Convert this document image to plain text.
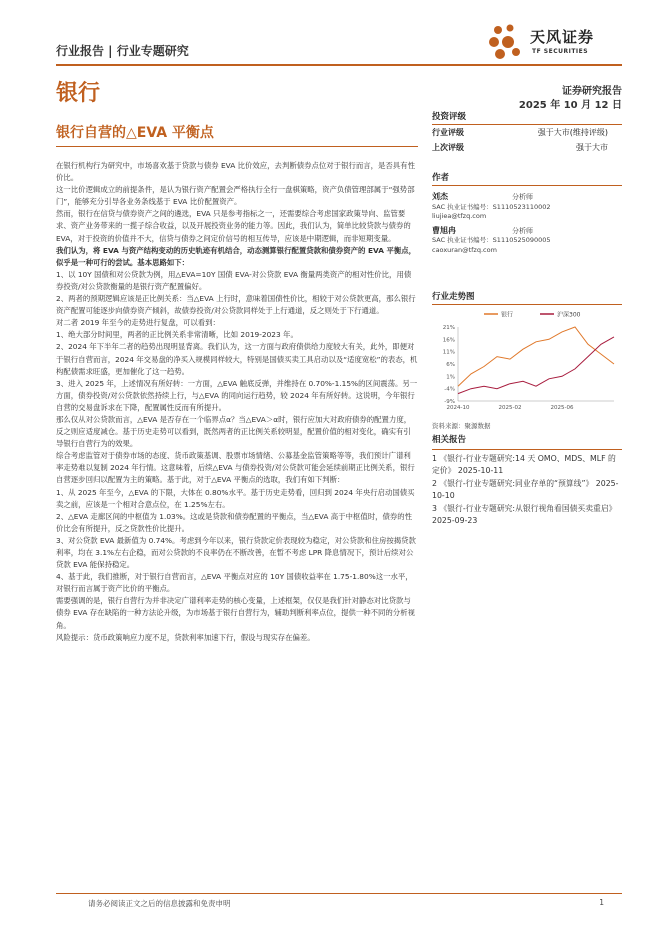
行业报告 | 行业专题研究
天风证券
TF SECURITIES
银行	证券研究报告
2025 年 10 月 12 日
银行自营的△EVA 平衡点

在银行机构行为研究中，市场喜欢基于贷款与债券 EVA 比价效应，去判断债券点位对于银行而言，是否具有性价比。

这一比价逻辑成立的前提条件，是认为银行资产配置会严格执行全行一盘棋策略，资产负债管理部属于“强势部门”，能够充分引导各业务条线基于 EVA 比价配置资产。

然而，银行在信贷与债券资产之间的遴选，EVA 只是参考指标之一，还需要综合考虑国家政策导向、监管要求、资产业务带来的一揽子综合收益，以及开展投资业务的能力等。因此，我们认为，简单比较贷款与债券的 EVA，对于投资的价值并不大，信贷与债券之间定价信号的相互传导，应该是中期逻辑，而非短期变量。

我们认为，将 EVA 与资产结构变动的历史轨迹有机结合，动态测算银行配置贷款和债券资产的 EVA 平衡点，似乎是一种可行的尝试。基本思路如下：

1、以 10Y 国债和对公贷款为例，用△EVA=10Y 国债 EVA-对公贷款 EVA 衡量两类资产的相对性价比，用债券投资/对公贷款衡量的是银行资产配置偏好。

2、两者的预期逻辑应该是正比例关系：当△EVA 上行时，意味着国债性价比，相较于对公贷款更高，那么银行资产配置可能逐步向债券资产倾斜，故债券投资/对公贷款同样处于上行通道，反之则处于下行通道。

对二者 2019 年至今的走势进行复盘，可以看到：

1、绝大部分时间里，两者的正比例关系非常清晰，比如 2019-2023 年。

2、2024 年下半年二者的趋势出现明显背离。我们认为，这一方面与政府债供给力度较大有关，此外，即便对于银行自营而言，2024 年交易盘的净买入规模同样较大，特别是国债买卖工具启动以及“适度宽松”的表态，机构配债需求旺盛，更加催化了这一趋势。

3、进入 2025 年，上述情况有所好转：一方面，△EVA 触底反弹，并维持在 0.70%-1.15%的区间震荡。另一方面，债券投资/对公贷款依然持续上行，与△EVA 的同向运行趋势，较 2024 年有所好转。这说明，今年银行自营的交易盘诉求在下降，配置属性反而有所提升。

那么仅从对公贷款而言，△EVA 是否存在一个临界点α？当△EVA＞α时，银行应加大对政府债券的配置力度，反之则应适度减仓。基于历史走势可以看到，既然两者的正比例关系较明显，配置价值的相对变化，确实有引导银行自营行为的效果。

综合考虑监管对于债券市场的态度、货币政策基调、股票市场情绪、公募基金监管策略等等，我们预计广谱利率走势难以复制 2024 年行情。这意味着，后续△EVA 与债券投资/对公贷款可能会延续前期正比例关系，银行自营逐步回归以配置为主的策略。基于此，对于△EVA 平衡点的选取，我们有如下判断：

1、从 2025 年至今，△EVA 的下限，大体在 0.80%水平。基于历史走势看，回归到 2024 年央行启动国债买卖之前，应该是一个相对合意点位，在 1.25%左右。

2、△EVA 走廊区间的中枢值为 1.03%。这或是贷款和债券配置的平衡点，当△EVA 高于中枢值时，债券的性价比会有所提升，反之贷款性价比提升。

3、对公贷款 EVA 最新值为 0.74%。考虑到今年以来，银行贷款定价表现较为稳定，对公贷款和住房按揭贷款利率，均在 3.1%左右企稳，而对公贷款的不良率仍在不断改善，在暂不考虑 LPR 降息情况下，预计后续对公贷款 EVA 能保持稳定。

4、基于此，我们推断，对于银行自营而言，△EVA 平衡点对应的 10Y 国债收益率在 1.75-1.80%这一水平，对银行而言属于资产比价的平衡点。

需要强调的是，银行自营行为并非决定广谱利率走势的核心变量，上述框架，仅仅是我们针对静态对比贷款与债券 EVA 存在缺陷的一种方法论升级，为市场基于银行自营行为，辅助判断利率点位，提供一种不同的分析视角。

风险提示：货币政策响应力度不足，贷款利率加速下行，假设与现实存在偏差。

投资评级
行业评级	强于大市(维持评级)
上次评级	强于大市
作者
刘杰	分析师
SAC 执业证书编号：S1110523110002
liujiea@tfzq.com
曹旭冉	分析师
SAC 执业证书编号：S1110525090005
caoxuran@tfzq.com
行业走势图
银行	沪深300
21%
16%
11%
6%
1%
-4%
-9%
2024-10	2025-02	2025-06
资料来源：聚源数据
相关报告
1 《银行-行业专题研究:14 天 OMO、MDS、MLF 的定价》 2025-10-11
2 《银行-行业专题研究:同业存单的“预算线”》 2025-10-10
3 《银行-行业专题研究:从银行视角看国债买卖重启》 2025-09-23
请务必阅读正文之后的信息披露和免责申明	1
